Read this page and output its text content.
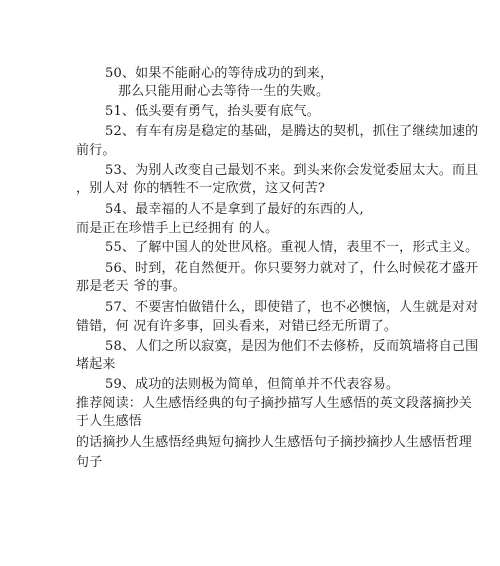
50、如果不能耐心的等待成功的到来，
那么只能用耐心去等待一生的失败。
51、低头要有勇气，抬头要有底气。
52、有车有房是稳定的基础，是腾达的契机，抓住了继续加速的
前行。
53、为别人改变自己最划不来。到头来你会发觉委屈太大。而且
，别人对 你的牺牲不一定欣赏，这又何苦?
54、最幸福的人不是拿到了最好的东西的人,
而是正在珍惜手上已经拥有 的人。
55、了解中国人的处世风格。重视人情，表里不一，形式主义。
56、时到，花自然便开。你只要努力就对了，什么时候花才盛开
那是老天 爷的事。
57、不要害怕做错什么，即使错了，也不必懊恼，人生就是对对
错错，何 况有许多事，回头看来，对错已经无所谓了。
58、人们之所以寂寞，是因为他们不去修桥，反而筑墙将自己围
堵起来
59、成功的法则极为简单，但简单并不代表容易。
推荐阅读：人生感悟经典的句子摘抄描写人生感悟的英文段落摘抄关
于人生感悟
的话摘抄人生感悟经典短句摘抄人生感悟句子摘抄摘抄人生感悟哲理
句子
